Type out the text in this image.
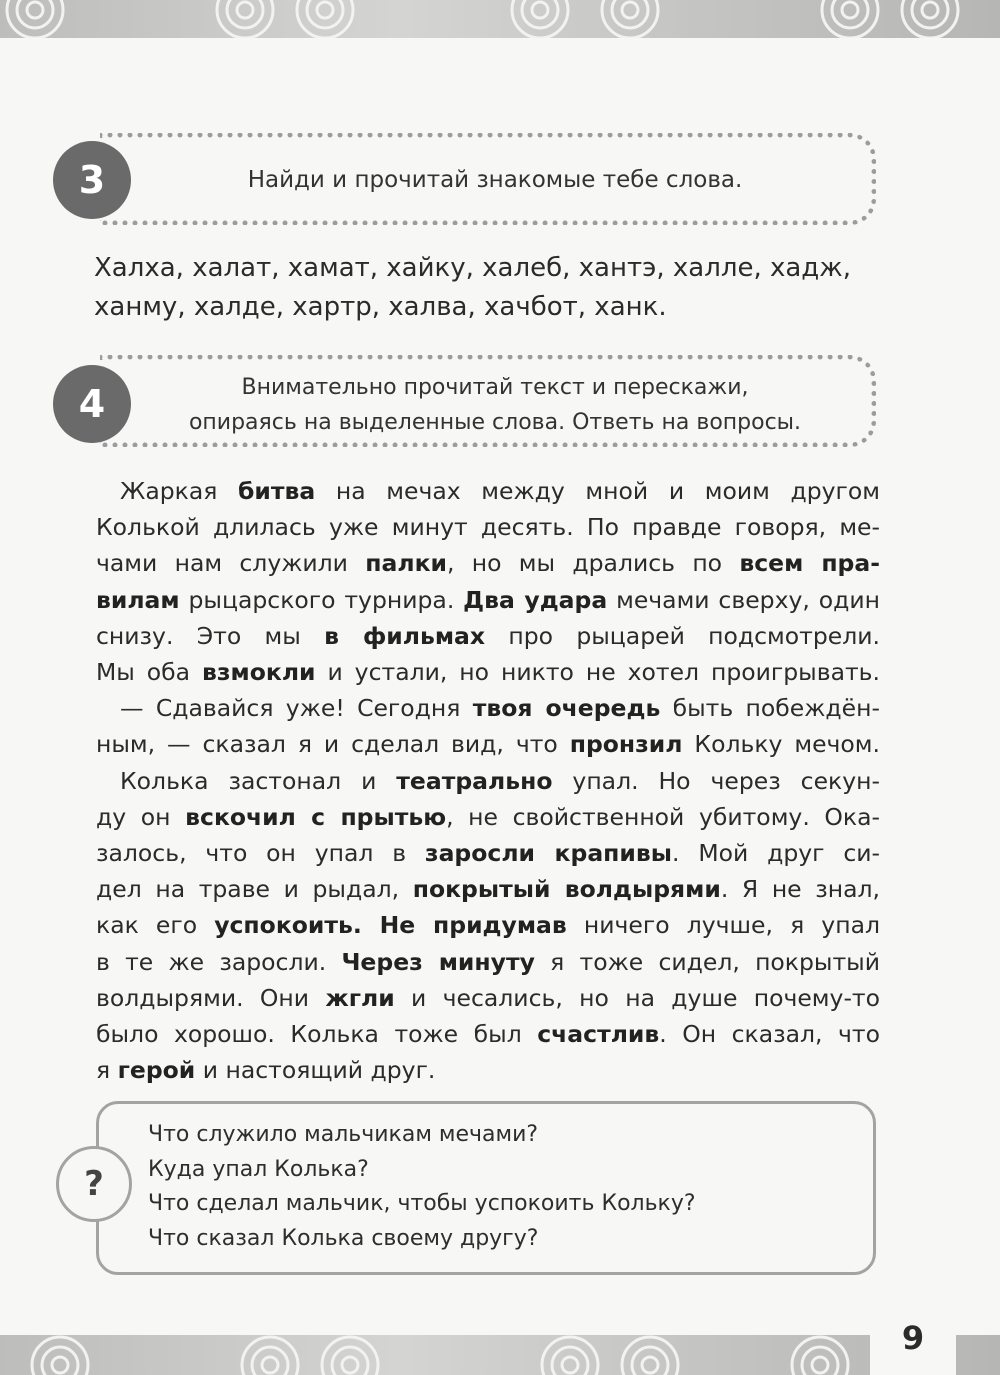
3	Найди и прочитай знакомые тебе слова.
Халха, халат, хамат, хайку, халеб, хантэ, халле, хадж,
ханму, халде, хартр, халва, хачбот, ханк.
4	Внимательно прочитай текст и перескажи,
опираясь на выделенные слова. Ответь на вопросы.
Жаркая битва на мечах между мной и моим другом
Колькой длилась уже минут десять. По правде говоря, ме-
чами нам служили палки, но мы дрались по всем пра-
вилам рыцарского турнира. Два удара мечами сверху, один
снизу. Это мы в фильмах про рыцарей подсмотрели.
Мы оба взмокли и устали, но никто не хотел проигрывать.
— Сдавайся уже! Сегодня твоя очередь быть побеждён-
ным, — сказал я и сделал вид, что пронзил Кольку мечом.
Колька застонал и театрально упал. Но через секун-
ду он вскочил с прытью, не свойственной убитому. Ока-
залось, что он упал в заросли крапивы. Мой друг си-
дел на траве и рыдал, покрытый волдырями. Я не знал,
как его успокоить. Не придумав ничего лучше, я упал
в те же заросли. Через минуту я тоже сидел, покрытый
волдырями. Они жгли и чесались, но на душе почему-то
было хорошо. Колька тоже был счастлив. Он сказал, что
я герой и настоящий друг.
?
Что служило мальчикам мечами?
Куда упал Колька?
Что сделал мальчик, чтобы успокоить Кольку?
Что сказал Колька своему другу?
9
